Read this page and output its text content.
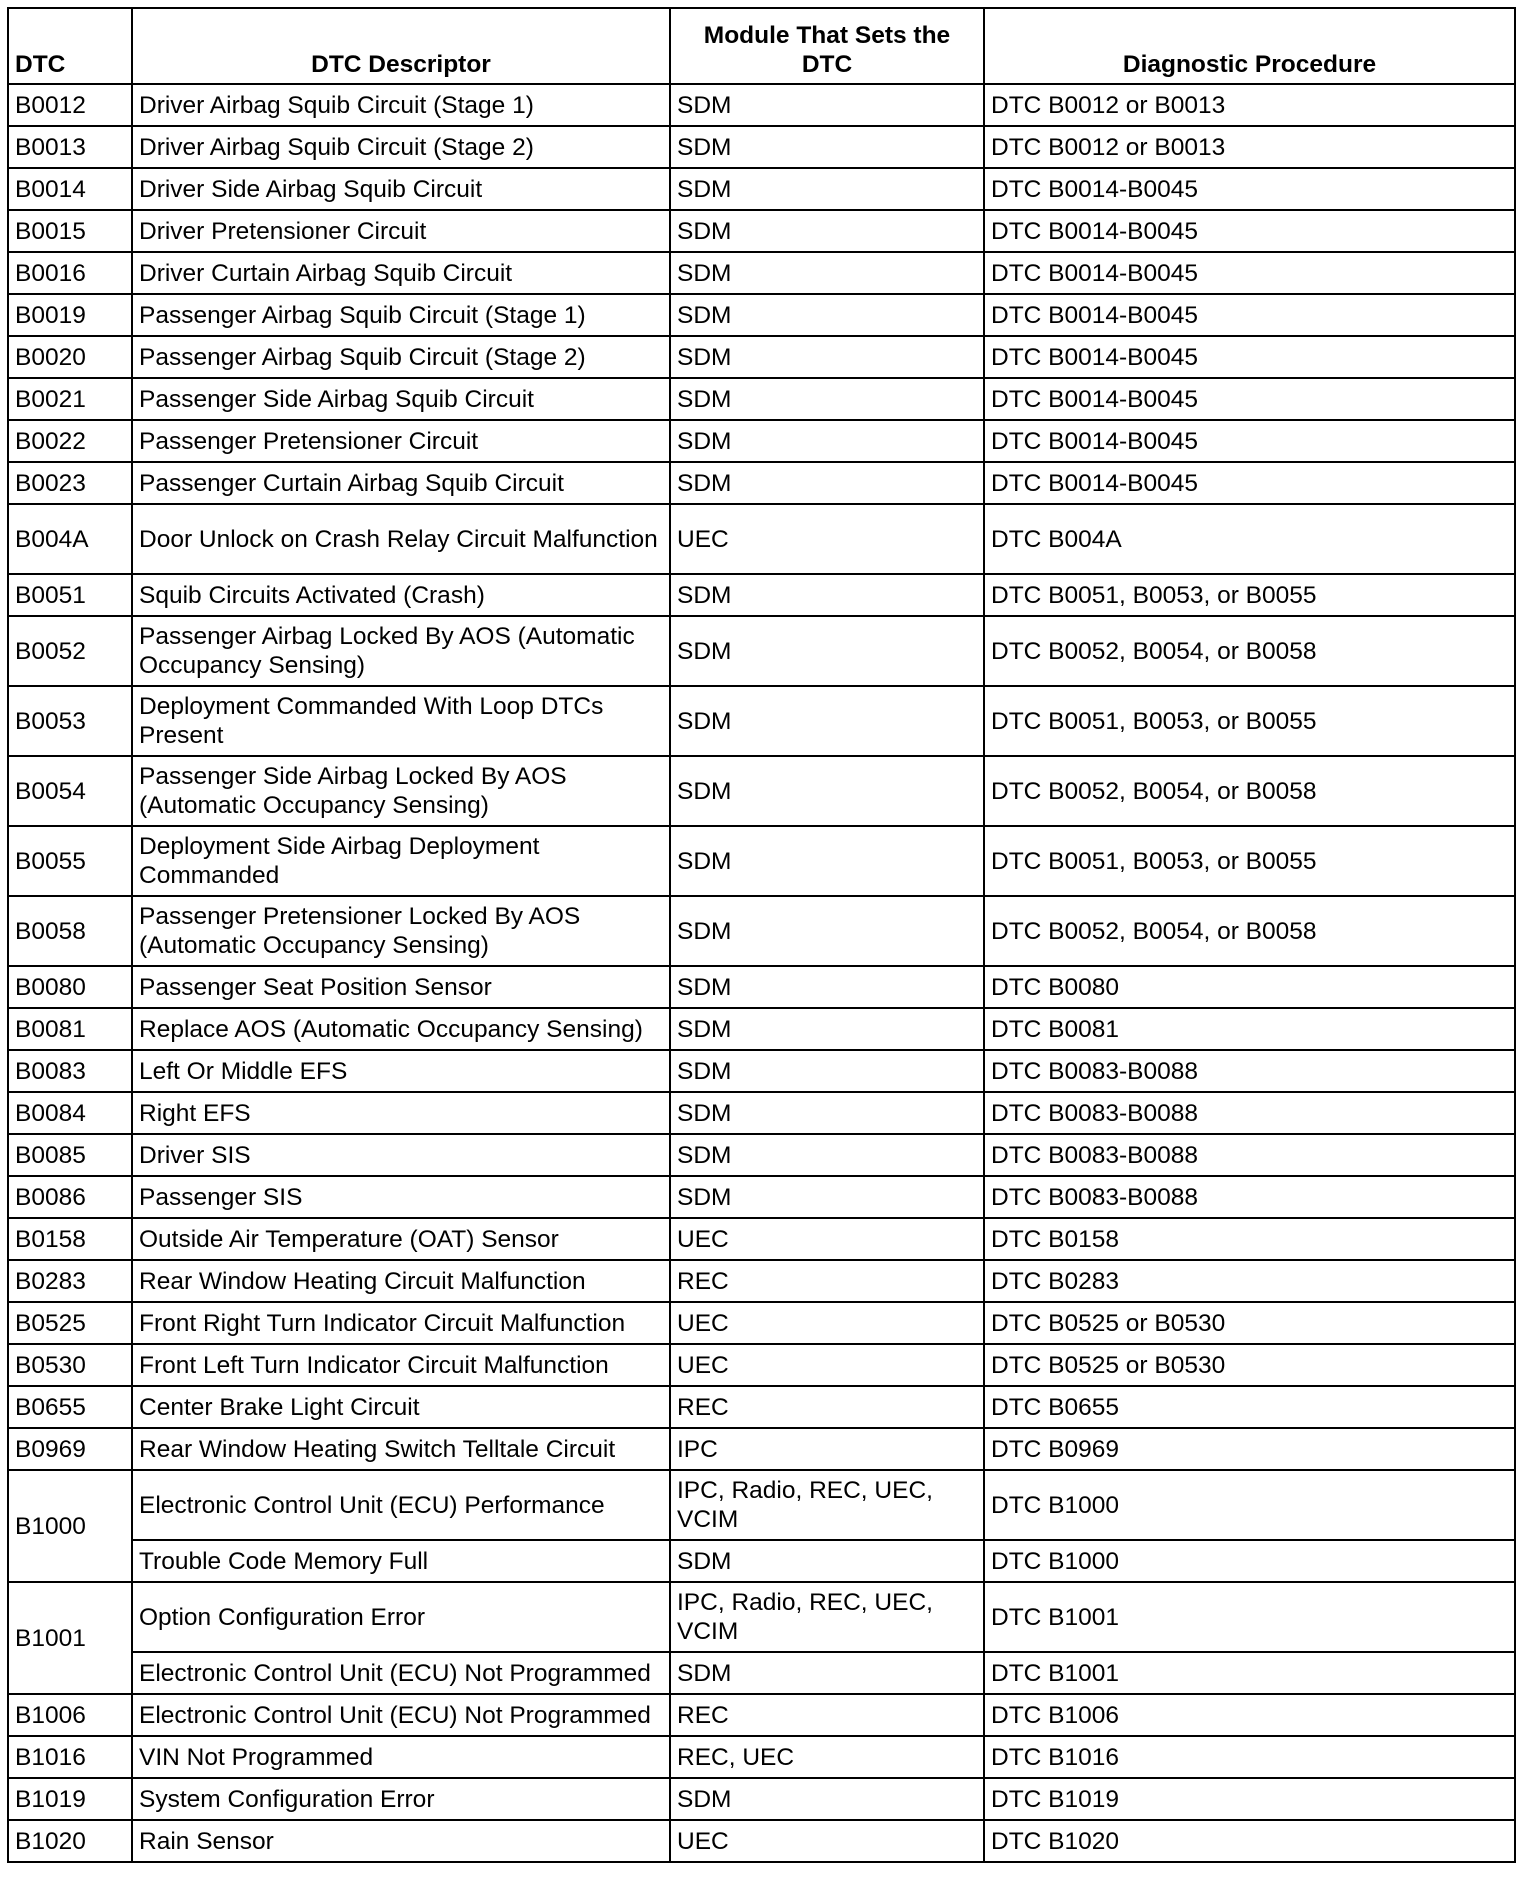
DTC	DTC Descriptor	Module That Sets the DTC	Diagnostic Procedure
B0012	Driver Airbag Squib Circuit (Stage 1)	SDM	DTC B0012 or B0013
B0013	Driver Airbag Squib Circuit (Stage 2)	SDM	DTC B0012 or B0013
B0014	Driver Side Airbag Squib Circuit	SDM	DTC B0014-B0045
B0015	Driver Pretensioner Circuit	SDM	DTC B0014-B0045
B0016	Driver Curtain Airbag Squib Circuit	SDM	DTC B0014-B0045
B0019	Passenger Airbag Squib Circuit (Stage 1)	SDM	DTC B0014-B0045
B0020	Passenger Airbag Squib Circuit (Stage 2)	SDM	DTC B0014-B0045
B0021	Passenger Side Airbag Squib Circuit	SDM	DTC B0014-B0045
B0022	Passenger Pretensioner Circuit	SDM	DTC B0014-B0045
B0023	Passenger Curtain Airbag Squib Circuit	SDM	DTC B0014-B0045
B004A	Door Unlock on Crash Relay Circuit Malfunction	UEC	DTC B004A
B0051	Squib Circuits Activated (Crash)	SDM	DTC B0051, B0053, or B0055
B0052	Passenger Airbag Locked By AOS (Automatic Occupancy Sensing)	SDM	DTC B0052, B0054, or B0058
B0053	Deployment Commanded With Loop DTCs Present	SDM	DTC B0051, B0053, or B0055
B0054	Passenger Side Airbag Locked By AOS (Automatic Occupancy Sensing)	SDM	DTC B0052, B0054, or B0058
B0055	Deployment Side Airbag Deployment Commanded	SDM	DTC B0051, B0053, or B0055
B0058	Passenger Pretensioner Locked By AOS (Automatic Occupancy Sensing)	SDM	DTC B0052, B0054, or B0058
B0080	Passenger Seat Position Sensor	SDM	DTC B0080
B0081	Replace AOS (Automatic Occupancy Sensing)	SDM	DTC B0081
B0083	Left Or Middle EFS	SDM	DTC B0083-B0088
B0084	Right EFS	SDM	DTC B0083-B0088
B0085	Driver SIS	SDM	DTC B0083-B0088
B0086	Passenger SIS	SDM	DTC B0083-B0088
B0158	Outside Air Temperature (OAT) Sensor	UEC	DTC B0158
B0283	Rear Window Heating Circuit Malfunction	REC	DTC B0283
B0525	Front Right Turn Indicator Circuit Malfunction	UEC	DTC B0525 or B0530
B0530	Front Left Turn Indicator Circuit Malfunction	UEC	DTC B0525 or B0530
B0655	Center Brake Light Circuit	REC	DTC B0655
B0969	Rear Window Heating Switch Telltale Circuit	IPC	DTC B0969
B1000	Electronic Control Unit (ECU) Performance	IPC, Radio, REC, UEC, VCIM	DTC B1000
	Trouble Code Memory Full	SDM	DTC B1000
B1001	Option Configuration Error	IPC, Radio, REC, UEC, VCIM	DTC B1001
	Electronic Control Unit (ECU) Not Programmed	SDM	DTC B1001
B1006	Electronic Control Unit (ECU) Not Programmed	REC	DTC B1006
B1016	VIN Not Programmed	REC, UEC	DTC B1016
B1019	System Configuration Error	SDM	DTC B1019
B1020	Rain Sensor	UEC	DTC B1020
